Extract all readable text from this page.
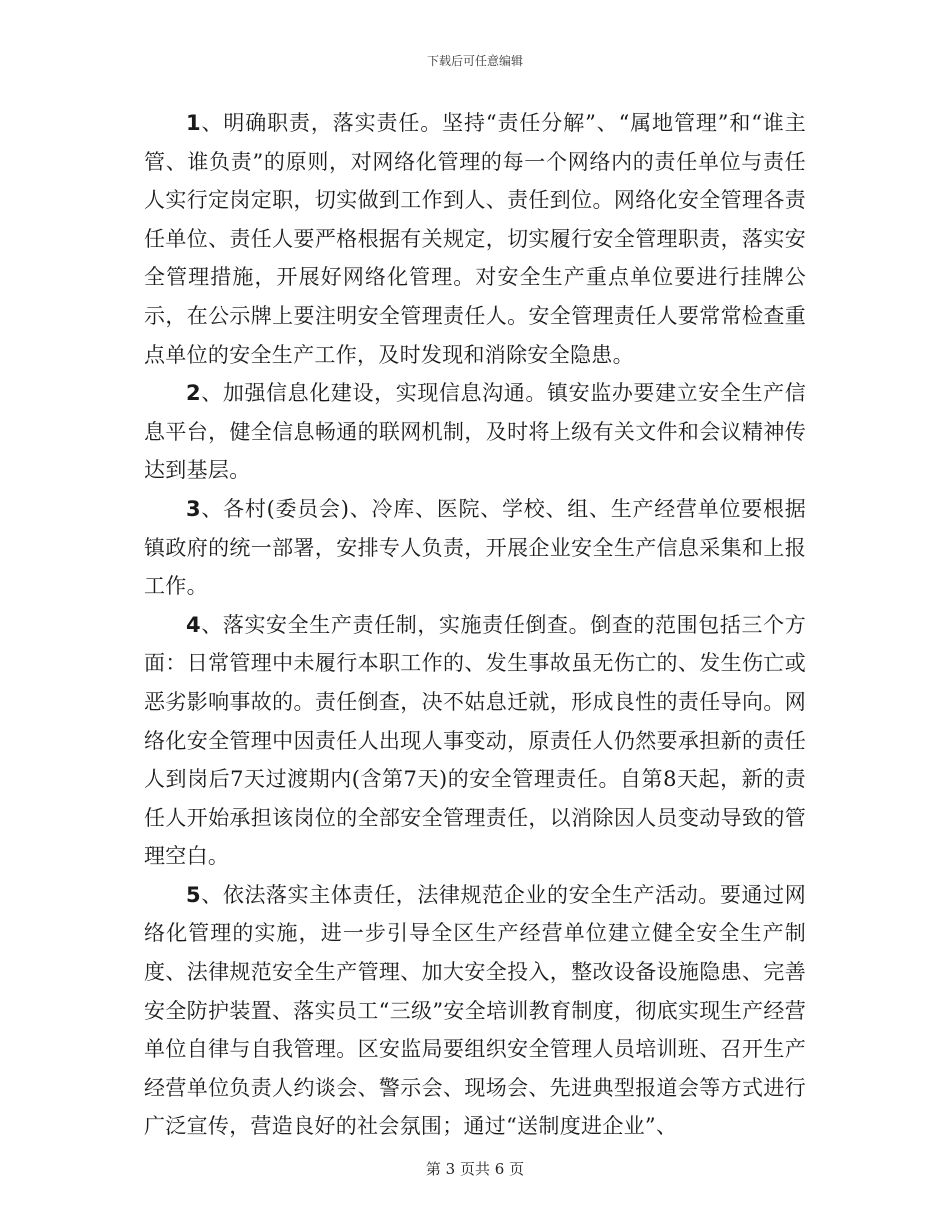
下载后可任意编辑

1、明确职责，落实责任。坚持“责任分解”、“属地管理”和“谁主管、谁负责”的原则，对网络化管理的每一个网络内的责任单位与责任人实行定岗定职，切实做到工作到人、责任到位。网络化安全管理各责任单位、责任人要严格根据有关规定，切实履行安全管理职责，落实安全管理措施，开展好网络化管理。对安全生产重点单位要进行挂牌公示，在公示牌上要注明安全管理责任人。安全管理责任人要常常检查重点单位的安全生产工作，及时发现和消除安全隐患。

2、加强信息化建设，实现信息沟通。镇安监办要建立安全生产信息平台，健全信息畅通的联网机制，及时将上级有关文件和会议精神传达到基层。

3、各村(委员会)、冷库、医院、学校、组、生产经营单位要根据镇政府的统一部署，安排专人负责，开展企业安全生产信息采集和上报工作。

4、落实安全生产责任制，实施责任倒查。倒查的范围包括三个方面：日常管理中未履行本职工作的、发生事故虽无伤亡的、发生伤亡或恶劣影响事故的。责任倒查，决不姑息迁就，形成良性的责任导向。网络化安全管理中因责任人出现人事变动，原责任人仍然要承担新的责任人到岗后7天过渡期内(含第7天)的安全管理责任。自第8天起，新的责任人开始承担该岗位的全部安全管理责任，以消除因人员变动导致的管理空白。

5、依法落实主体责任，法律规范企业的安全生产活动。要通过网络化管理的实施，进一步引导全区生产经营单位建立健全安全生产制度、法律规范安全生产管理、加大安全投入，整改设备设施隐患、完善安全防护装置、落实员工“三级”安全培训教育制度，彻底实现生产经营单位自律与自我管理。区安监局要组织安全管理人员培训班、召开生产经营单位负责人约谈会、警示会、现场会、先进典型报道会等方式进行广泛宣传，营造良好的社会氛围；通过“送制度进企业”、

第 3 页共 6 页
